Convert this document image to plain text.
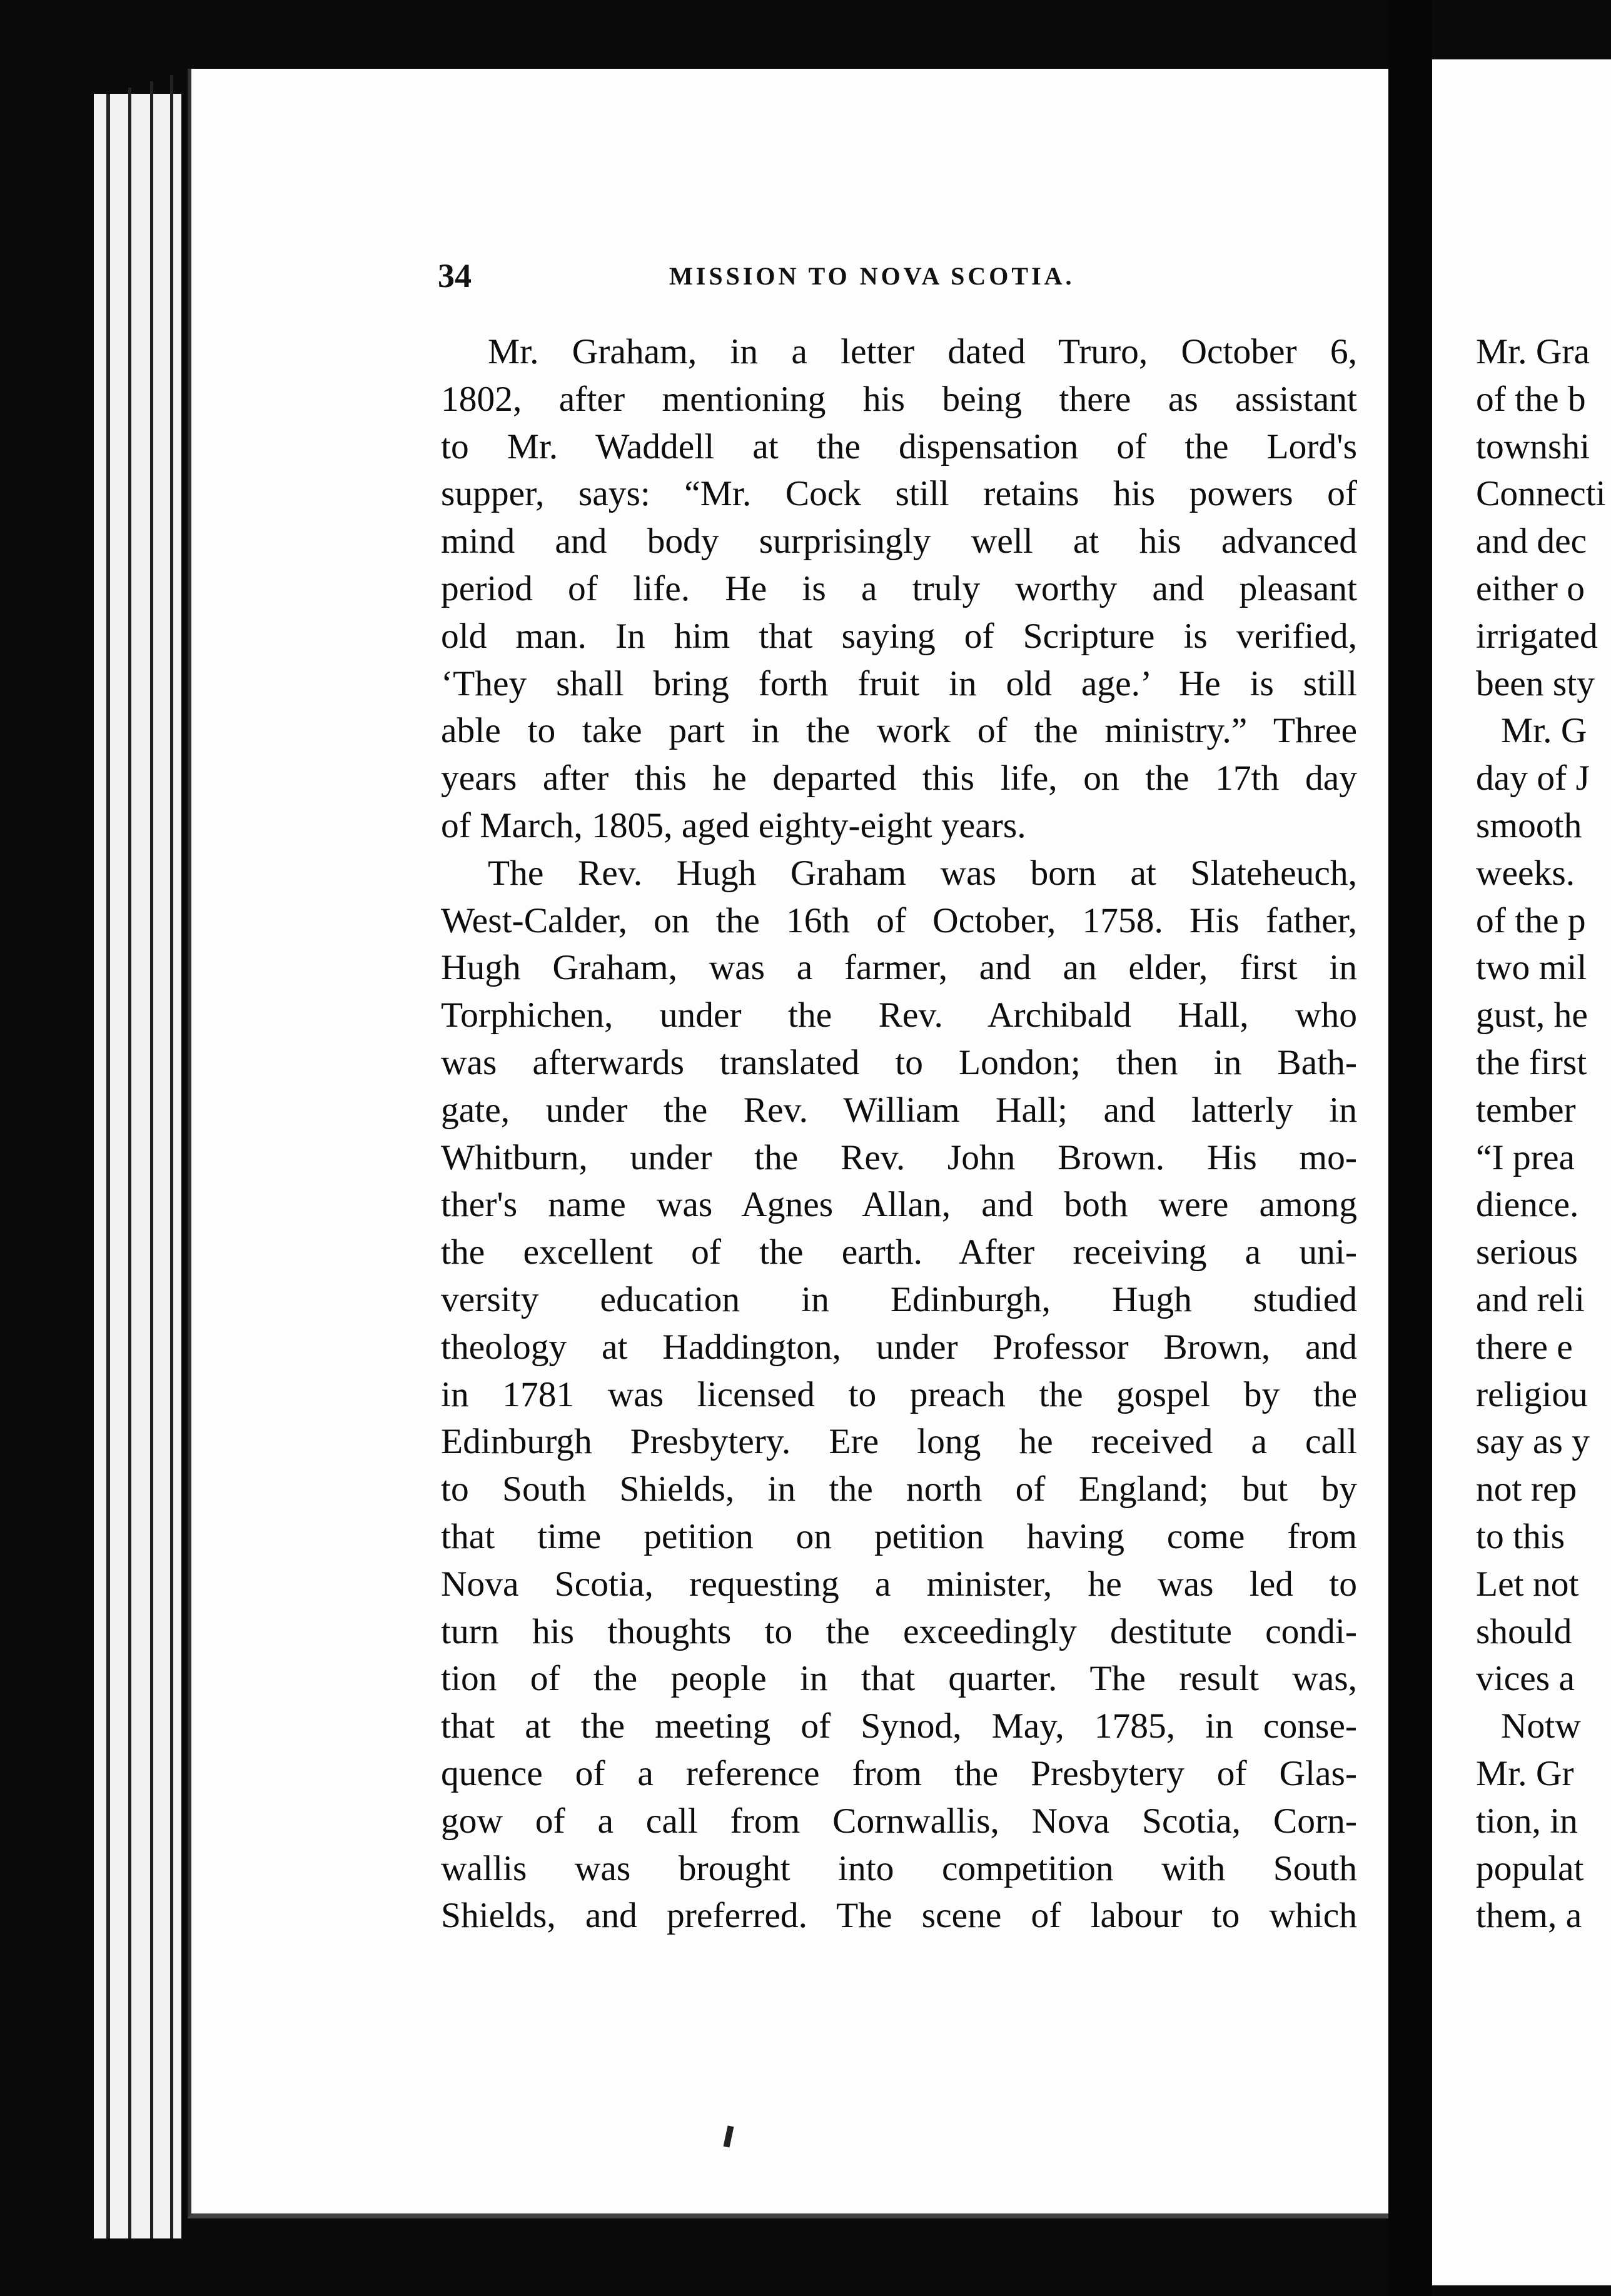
34	MISSION TO NOVA SCOTIA.
Mr. Graham, in a letter dated Truro, October 6,
1802, after mentioning his being there as assistant
to Mr. Waddell at the dispensation of the Lord's
supper, says: “Mr. Cock still retains his powers of
mind and body surprisingly well at his advanced
period of life. He is a truly worthy and pleasant
old man. In him that saying of Scripture is verified,
‘They shall bring forth fruit in old age.’ He is still
able to take part in the work of the ministry.” Three
years after this he departed this life, on the 17th day
of March, 1805, aged eighty-eight years.
The Rev. Hugh Graham was born at Slateheuch,
West-Calder, on the 16th of October, 1758. His father,
Hugh Graham, was a farmer, and an elder, first in
Torphichen, under the Rev. Archibald Hall, who
was afterwards translated to London; then in Bath-
gate, under the Rev. William Hall; and latterly in
Whitburn, under the Rev. John Brown. His mo-
ther's name was Agnes Allan, and both were among
the excellent of the earth. After receiving a uni-
versity education in Edinburgh, Hugh studied
theology at Haddington, under Professor Brown, and
in 1781 was licensed to preach the gospel by the
Edinburgh Presbytery. Ere long he received a call
to South Shields, in the north of England; but by
that time petition on petition having come from
Nova Scotia, requesting a minister, he was led to
turn his thoughts to the exceedingly destitute condi-
tion of the people in that quarter. The result was,
that at the meeting of Synod, May, 1785, in conse-
quence of a reference from the Presbytery of Glas-
gow of a call from Cornwallis, Nova Scotia, Corn-
wallis was brought into competition with South
Shields, and preferred. The scene of labour to which
Mr. Gra
of the b
townshi
Connecti
and dec
either o
irrigated
been sty
Mr. G
day of J
smooth
weeks.
of the p
two mil
gust, he
the first
tember
“I prea
dience.
serious
and reli
there e
religiou
say as y
not rep
to this
Let not
should
vices a
Notw
Mr. Gr
tion, in
populat
them, a
